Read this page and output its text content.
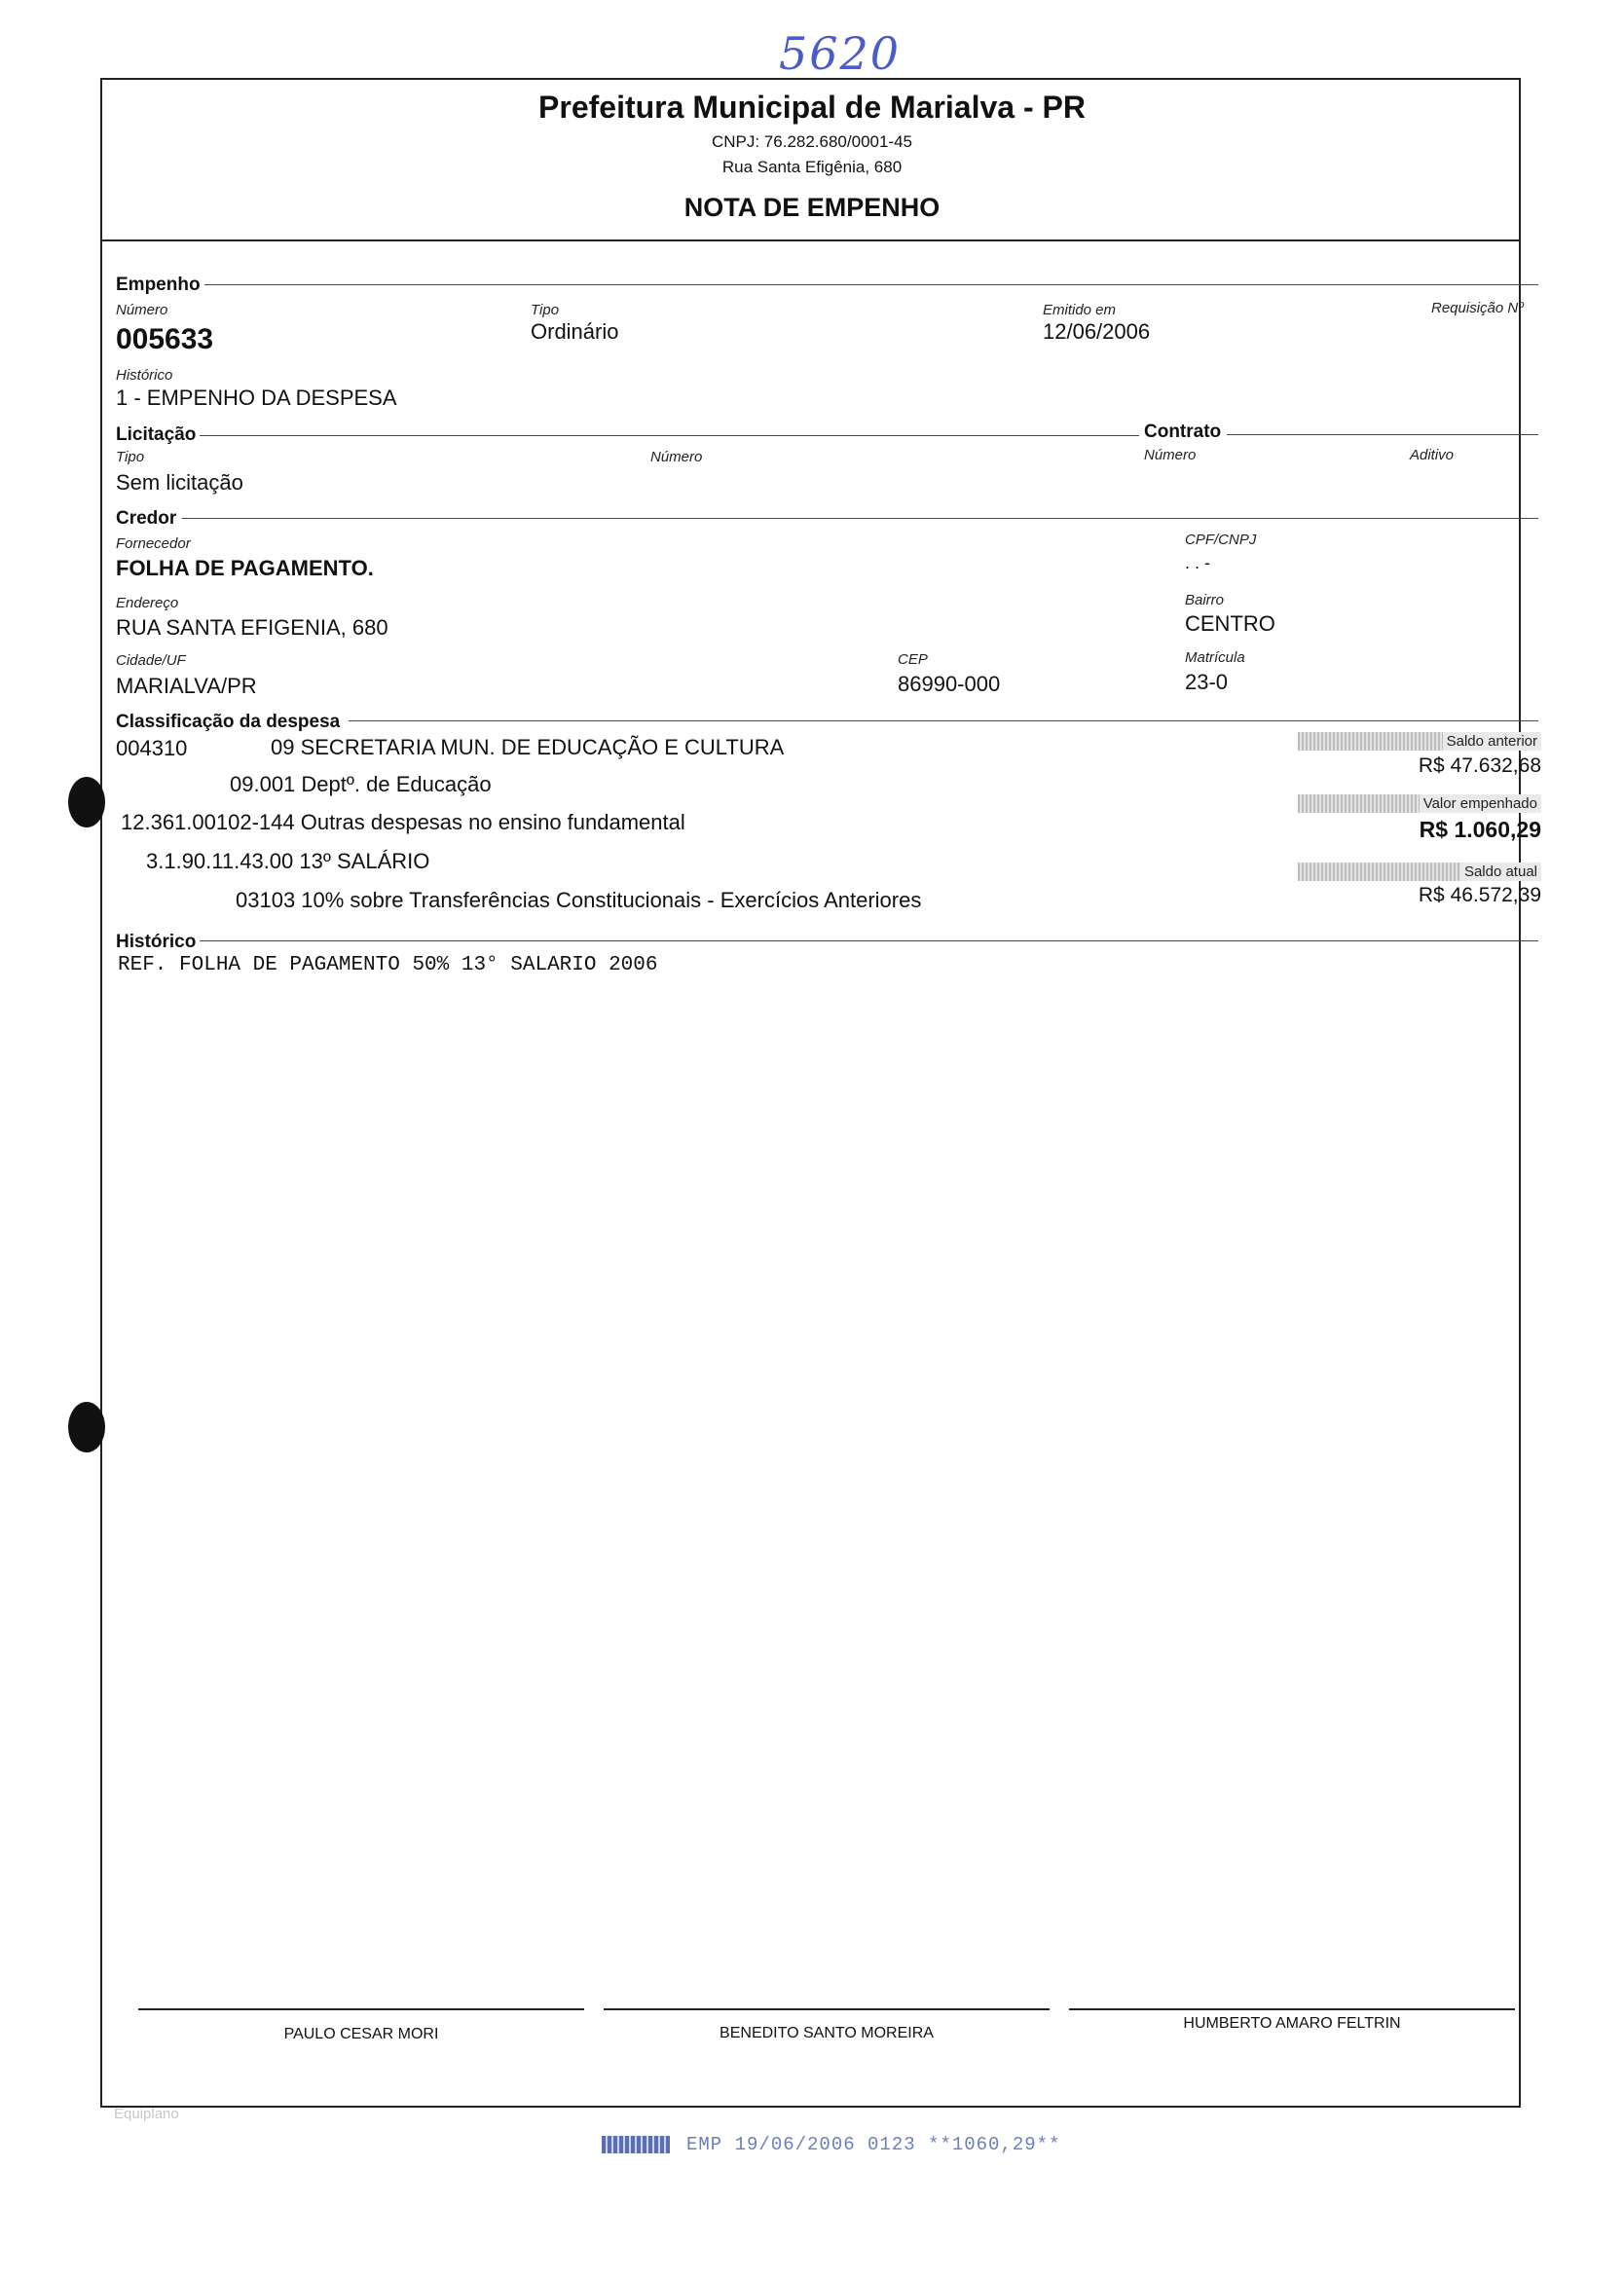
5620
Prefeitura Municipal de Marialva - PR
CNPJ: 76.282.680/0001-45
Rua Santa Efigênia, 680
NOTA DE EMPENHO
Empenho
Número
005633
Tipo
Ordinário
Emitido em
12/06/2006
Requisição Nº
Histórico
1 - EMPENHO DA DESPESA
Licitação	Contrato
Tipo
Sem licitação
Número	Número	Aditivo
Credor
Fornecedor
FOLHA DE PAGAMENTO.
CPF/CNPJ
. . -
Endereço
RUA SANTA EFIGENIA, 680
Bairro
CENTRO
Cidade/UF
MARIALVA/PR
CEP
86990-000
Matrícula
23-0
Classificação da despesa
004310	09 SECRETARIA MUN. DE EDUCAÇÃO E CULTURA
09.001 Deptº. de Educação
12.361.00102-144 Outras despesas no ensino fundamental
3.1.90.11.43.00 13º SALÁRIO
03103 10% sobre Transferências Constitucionais - Exercícios Anteriores
Saldo anterior
R$ 47.632,68
Valor empenhado
R$ 1.060,29
Saldo atual
R$ 46.572,39
Histórico
REF. FOLHA DE PAGAMENTO 50% 13° SALARIO 2006
PAULO CESAR MORI	BENEDITO SANTO MOREIRA
HUMBERTO AMARO FELTRIN
Equiplano
EMP 19/06/2006 0123 **1060,29**
